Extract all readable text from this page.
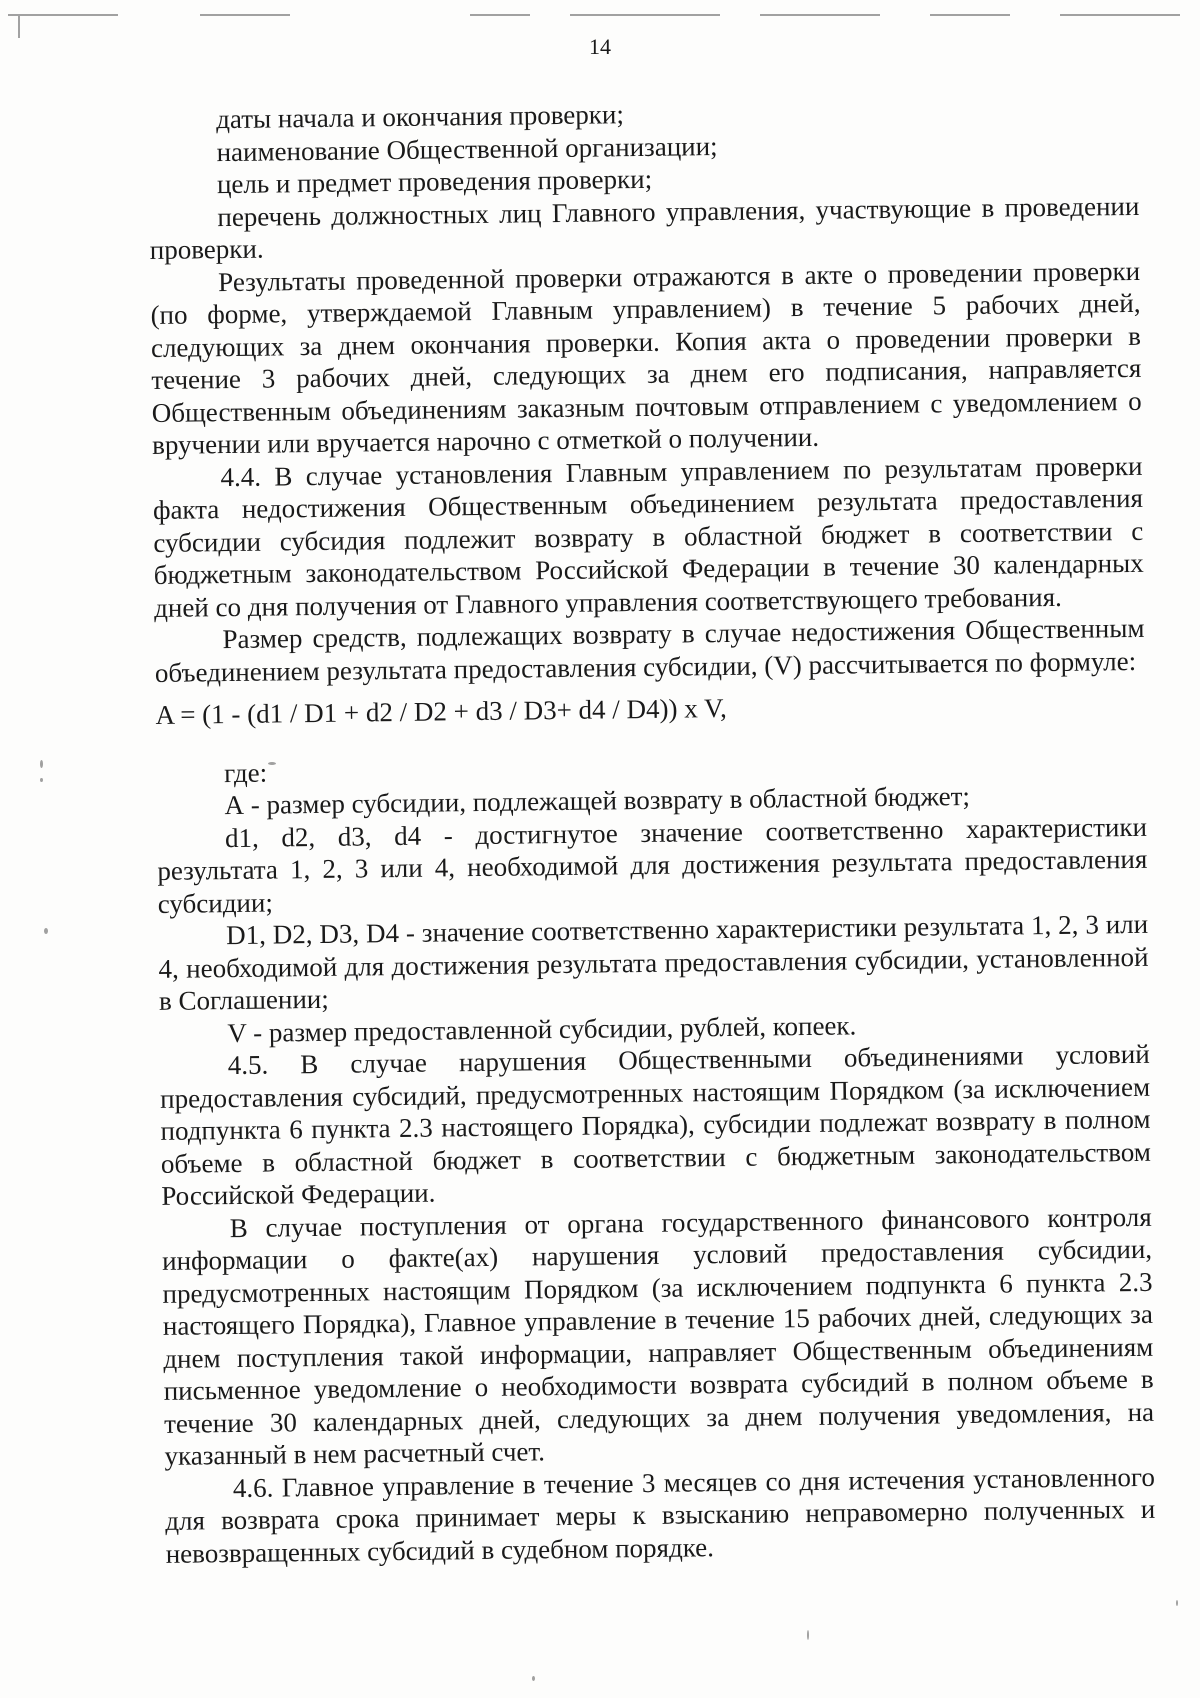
14

даты начала и окончания проверки;

наименование Общественной организации;

цель и предмет проведения проверки;

перечень должностных лиц Главного управления, участвующие в проведении проверки.

Результаты проведенной проверки отражаются в акте о проведении проверки (по форме, утверждаемой Главным управлением) в течение 5 рабочих дней, следующих за днем окончания проверки. Копия акта о проведении проверки в течение 3 рабочих дней, следующих за днем его подписания, направляется Общественным объединениям заказным почтовым отправлением с уведомлением о вручении или вручается нарочно с отметкой о получении.

4.4. В случае установления Главным управлением по результатам проверки факта недостижения Общественным объединением результата предоставления субсидии субсидия подлежит возврату в областной бюджет в соответствии с бюджетным законодательством Российской Федерации в течение 30 календарных дней со дня получения от Главного управления соответствующего требования.

Размер средств, подлежащих возврату в случае недостижения Общественным объединением результата предоставления субсидии, (V) рассчитывается по формуле:

A = (1 - (d1 / D1 + d2 / D2 + d3 / D3+ d4 / D4)) x V,

где:

А - размер субсидии, подлежащей возврату в областной бюджет;

d1, d2, d3, d4 - достигнутое значение соответственно характеристики результата 1, 2, 3 или 4, необходимой для достижения результата предоставления субсидии;

D1, D2, D3, D4 - значение соответственно характеристики результата 1, 2, 3 или 4, необходимой для достижения результата предоставления субсидии, установленной в Соглашении;

V - размер предоставленной субсидии, рублей, копеек.

4.5. В случае нарушения Общественными объединениями условий предоставления субсидий, предусмотренных настоящим Порядком (за исключением подпункта 6 пункта 2.3 настоящего Порядка), субсидии подлежат возврату в полном объеме в областной бюджет в соответствии с бюджетным законодательством Российской Федерации.

В случае поступления от органа государственного финансового контроля информации о факте(ах) нарушения условий предоставления субсидии, предусмотренных настоящим Порядком (за исключением подпункта 6 пункта 2.3 настоящего Порядка), Главное управление в течение 15 рабочих дней, следующих за днем поступления такой информации, направляет Общественным объединениям письменное уведомление о необходимости возврата субсидий в полном объеме в течение 30 календарных дней, следующих за днем получения уведомления, на указанный в нем расчетный счет.

4.6. Главное управление в течение 3 месяцев со дня истечения установленного для возврата срока принимает меры к взысканию неправомерно полученных и невозвращенных субсидий в судебном порядке.
